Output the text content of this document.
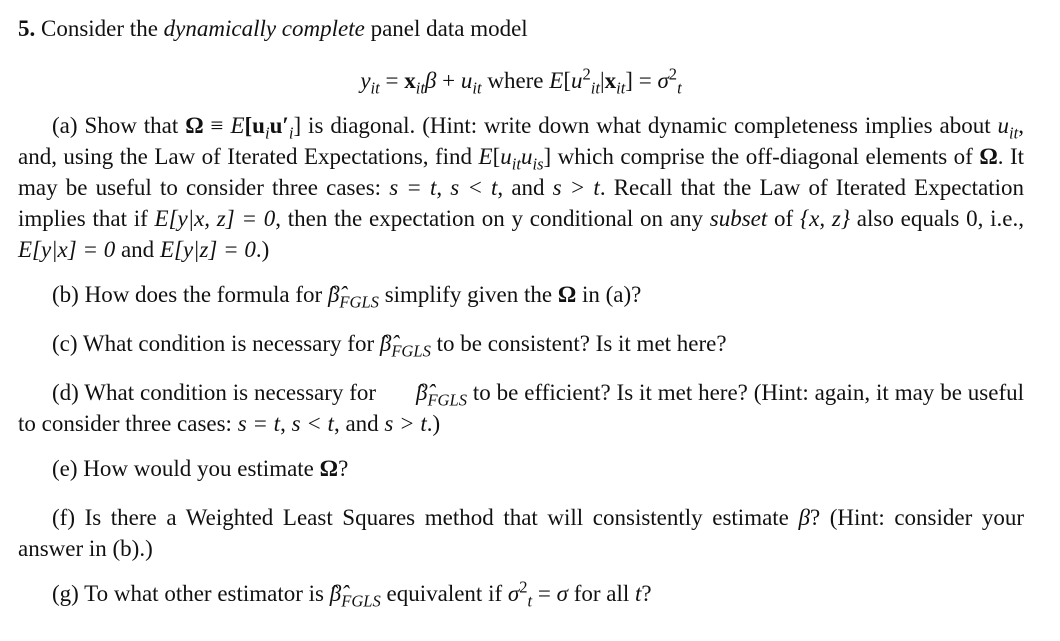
5. Consider the dynamically complete panel data model
$y_{it} = x_{it}\beta + u_{it}$ where $E[u^2_{it}|x_{it}] = \sigma^2_t$
(a) Show that $\Omega \equiv E[u_iu'_i]$ is diagonal. (Hint: write down what dynamic completeness implies about $u_{it}$, and, using the Law of Iterated Expectations, find $E[u_{it}u_{is}]$ which comprise the off-diagonal elements of Ω. It may be useful to consider three cases: s = t, s < t, and s > t. Recall that the Law of Iterated Expectation implies that if E[y|x, z] = 0, then the expectation on y conditional on any subset of {x, z} also equals 0, i.e., E[y|x] = 0 and E[y|z] = 0.)
(b) How does the formula for ̂ $\betâ_{FGLS}$ simplify given the Ω in (a)?
(c) What condition is necessary for ̂ $\betâ_{FGLS}$ to be consistent? Is it met here?
(d) What condition is necessary for ̂ $\betâ_{FGLS}$ to be efficient? Is it met here? (Hint: again, it may be useful to consider three cases: s = t, s < t, and s > t.)
(e) How would you estimate Ω?
(f) Is there a Weighted Least Squares method that will consistently estimate β? (Hint: consider your answer in (b).)
(g) To what other estimator is ̂ $\betâ_{FGLS}$ equivalent if $\sigma^2_t = \sigma$ for all t?
